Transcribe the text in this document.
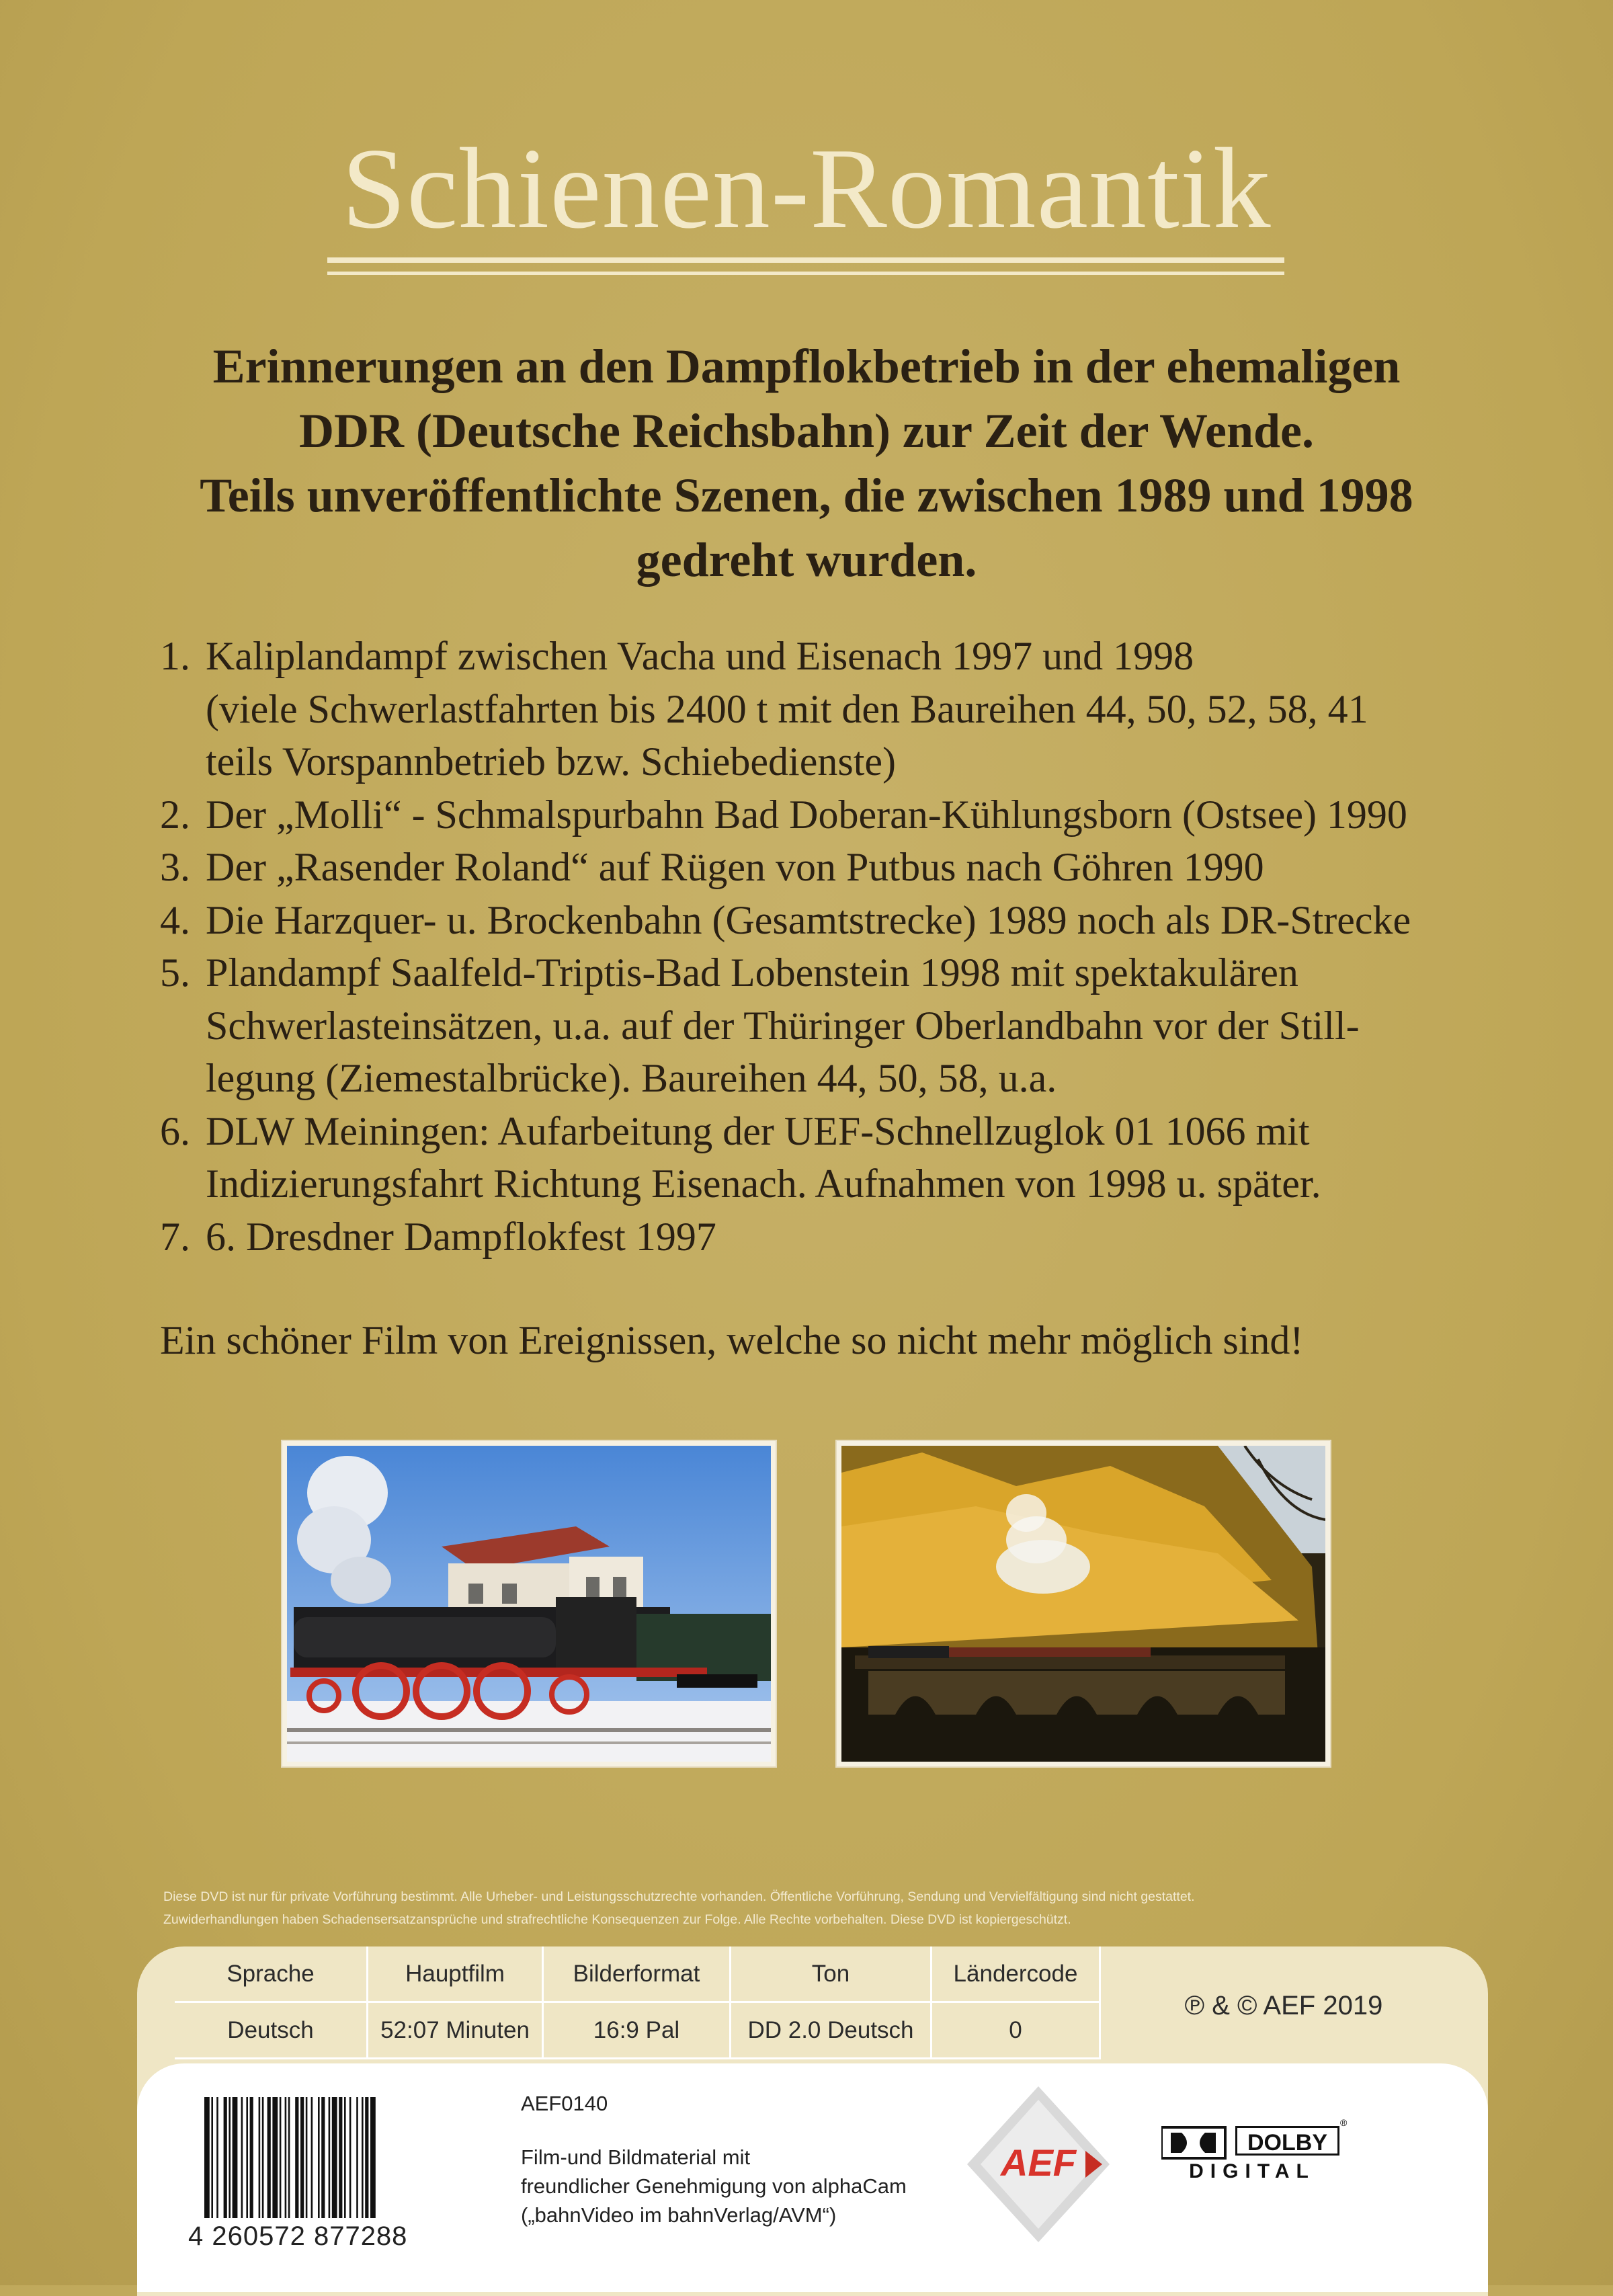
Schienen-Romantik
Erinnerungen an den Dampflokbetrieb in der ehemaligen
DDR (Deutsche Reichsbahn) zur Zeit der Wende.
Teils unveröffentlichte Szenen, die zwischen 1989 und 1998
gedreht wurden.
1. Kaliplandampf zwischen Vacha und Eisenach 1997 und 1998
(viele Schwerlastfahrten bis 2400 t mit den Baureihen 44, 50, 52, 58, 41
teils Vorspannbetrieb bzw. Schiebedienste)
2. Der „Molli“ - Schmalspurbahn Bad Doberan-Kühlungsborn (Ostsee) 1990
3. Der „Rasender Roland“ auf Rügen von Putbus nach Göhren 1990
4. Die Harzquer- u. Brockenbahn (Gesamtstrecke) 1989 noch als DR-Strecke
5. Plandampf Saalfeld-Triptis-Bad Lobenstein 1998 mit spektakulären
Schwerlasteinsätzen, u.a. auf der Thüringer Oberlandbahn vor der Still-
legung (Ziemestalbrücke). Baureihen 44, 50, 58, u.a.
6. DLW Meiningen: Aufarbeitung der UEF-Schnellzuglok 01 1066 mit
Indizierungsfahrt Richtung Eisenach. Aufnahmen von 1998 u. später.
7. 6. Dresdner Dampflokfest 1997
Ein schöner Film von Ereignissen, welche so nicht mehr möglich sind!
Diese DVD ist nur für private Vorführung bestimmt. Alle Urheber- und Leistungsschutzrechte vorhanden. Öffentliche Vorführung, Sendung und Vervielfältigung sind nicht gestattet.
Zuwiderhandlungen haben Schadensersatzansprüche und strafrechtliche Konsequenzen zur Folge. Alle Rechte vorbehalten. Diese DVD ist kopiergeschützt.
Sprache	Hauptfilm	Bilderformat	Ton	Ländercode
Deutsch	52:07 Minuten	16:9 Pal	DD 2.0 Deutsch	0
℗ & © AEF 2019
4 260572 877288
AEF0140
Film-und Bildmaterial mit
freundlicher Genehmigung von alphaCam
(„bahnVideo im bahnVerlag/AVM“)
AEF	DOLBY
DIGITAL
®
